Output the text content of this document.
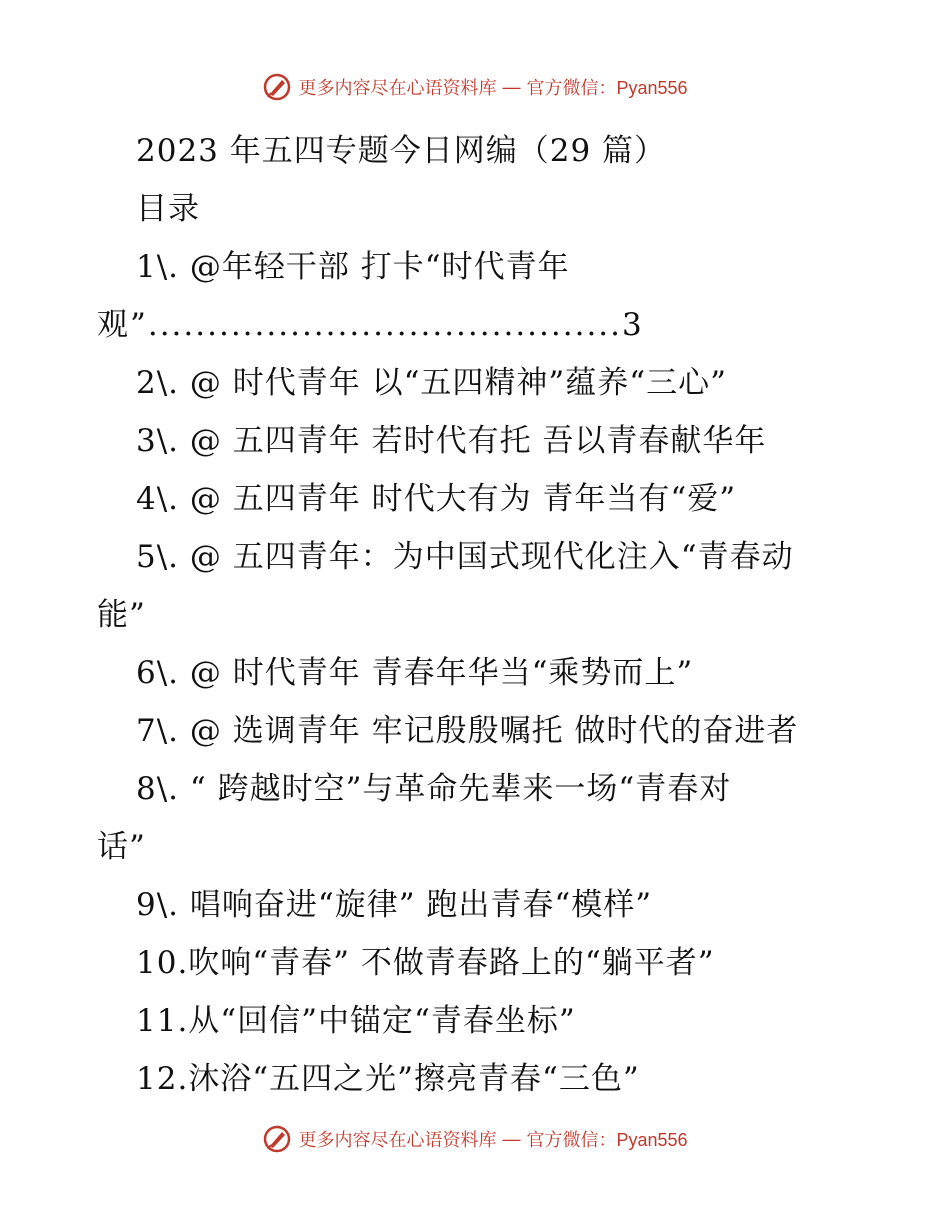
更多内容尽在心语资料库 — 官方微信：Pyan556
2023 年五四专题今日网编（29 篇）
目录
1\. @年轻干部 打卡“时代青年
观”........................................3
2\. @ 时代青年 以“五四精神”蕴养“三心”
3\. @ 五四青年 若时代有托 吾以青春献华年
4\. @ 五四青年 时代大有为 青年当有“爱”
5\. @ 五四青年：为中国式现代化注入“青春动
能”
6\. @ 时代青年 青春年华当“乘势而上”
7\. @ 选调青年 牢记殷殷嘱托 做时代的奋进者
8\. “ 跨越时空”与革命先辈来一场“青春对
话”
9\. 唱响奋进“旋律” 跑出青春“模样”
10.吹响“青春” 不做青春路上的“躺平者”
11.从“回信”中锚定“青春坐标”
12.沐浴“五四之光”擦亮青春“三色”
更多内容尽在心语资料库 — 官方微信：Pyan556
